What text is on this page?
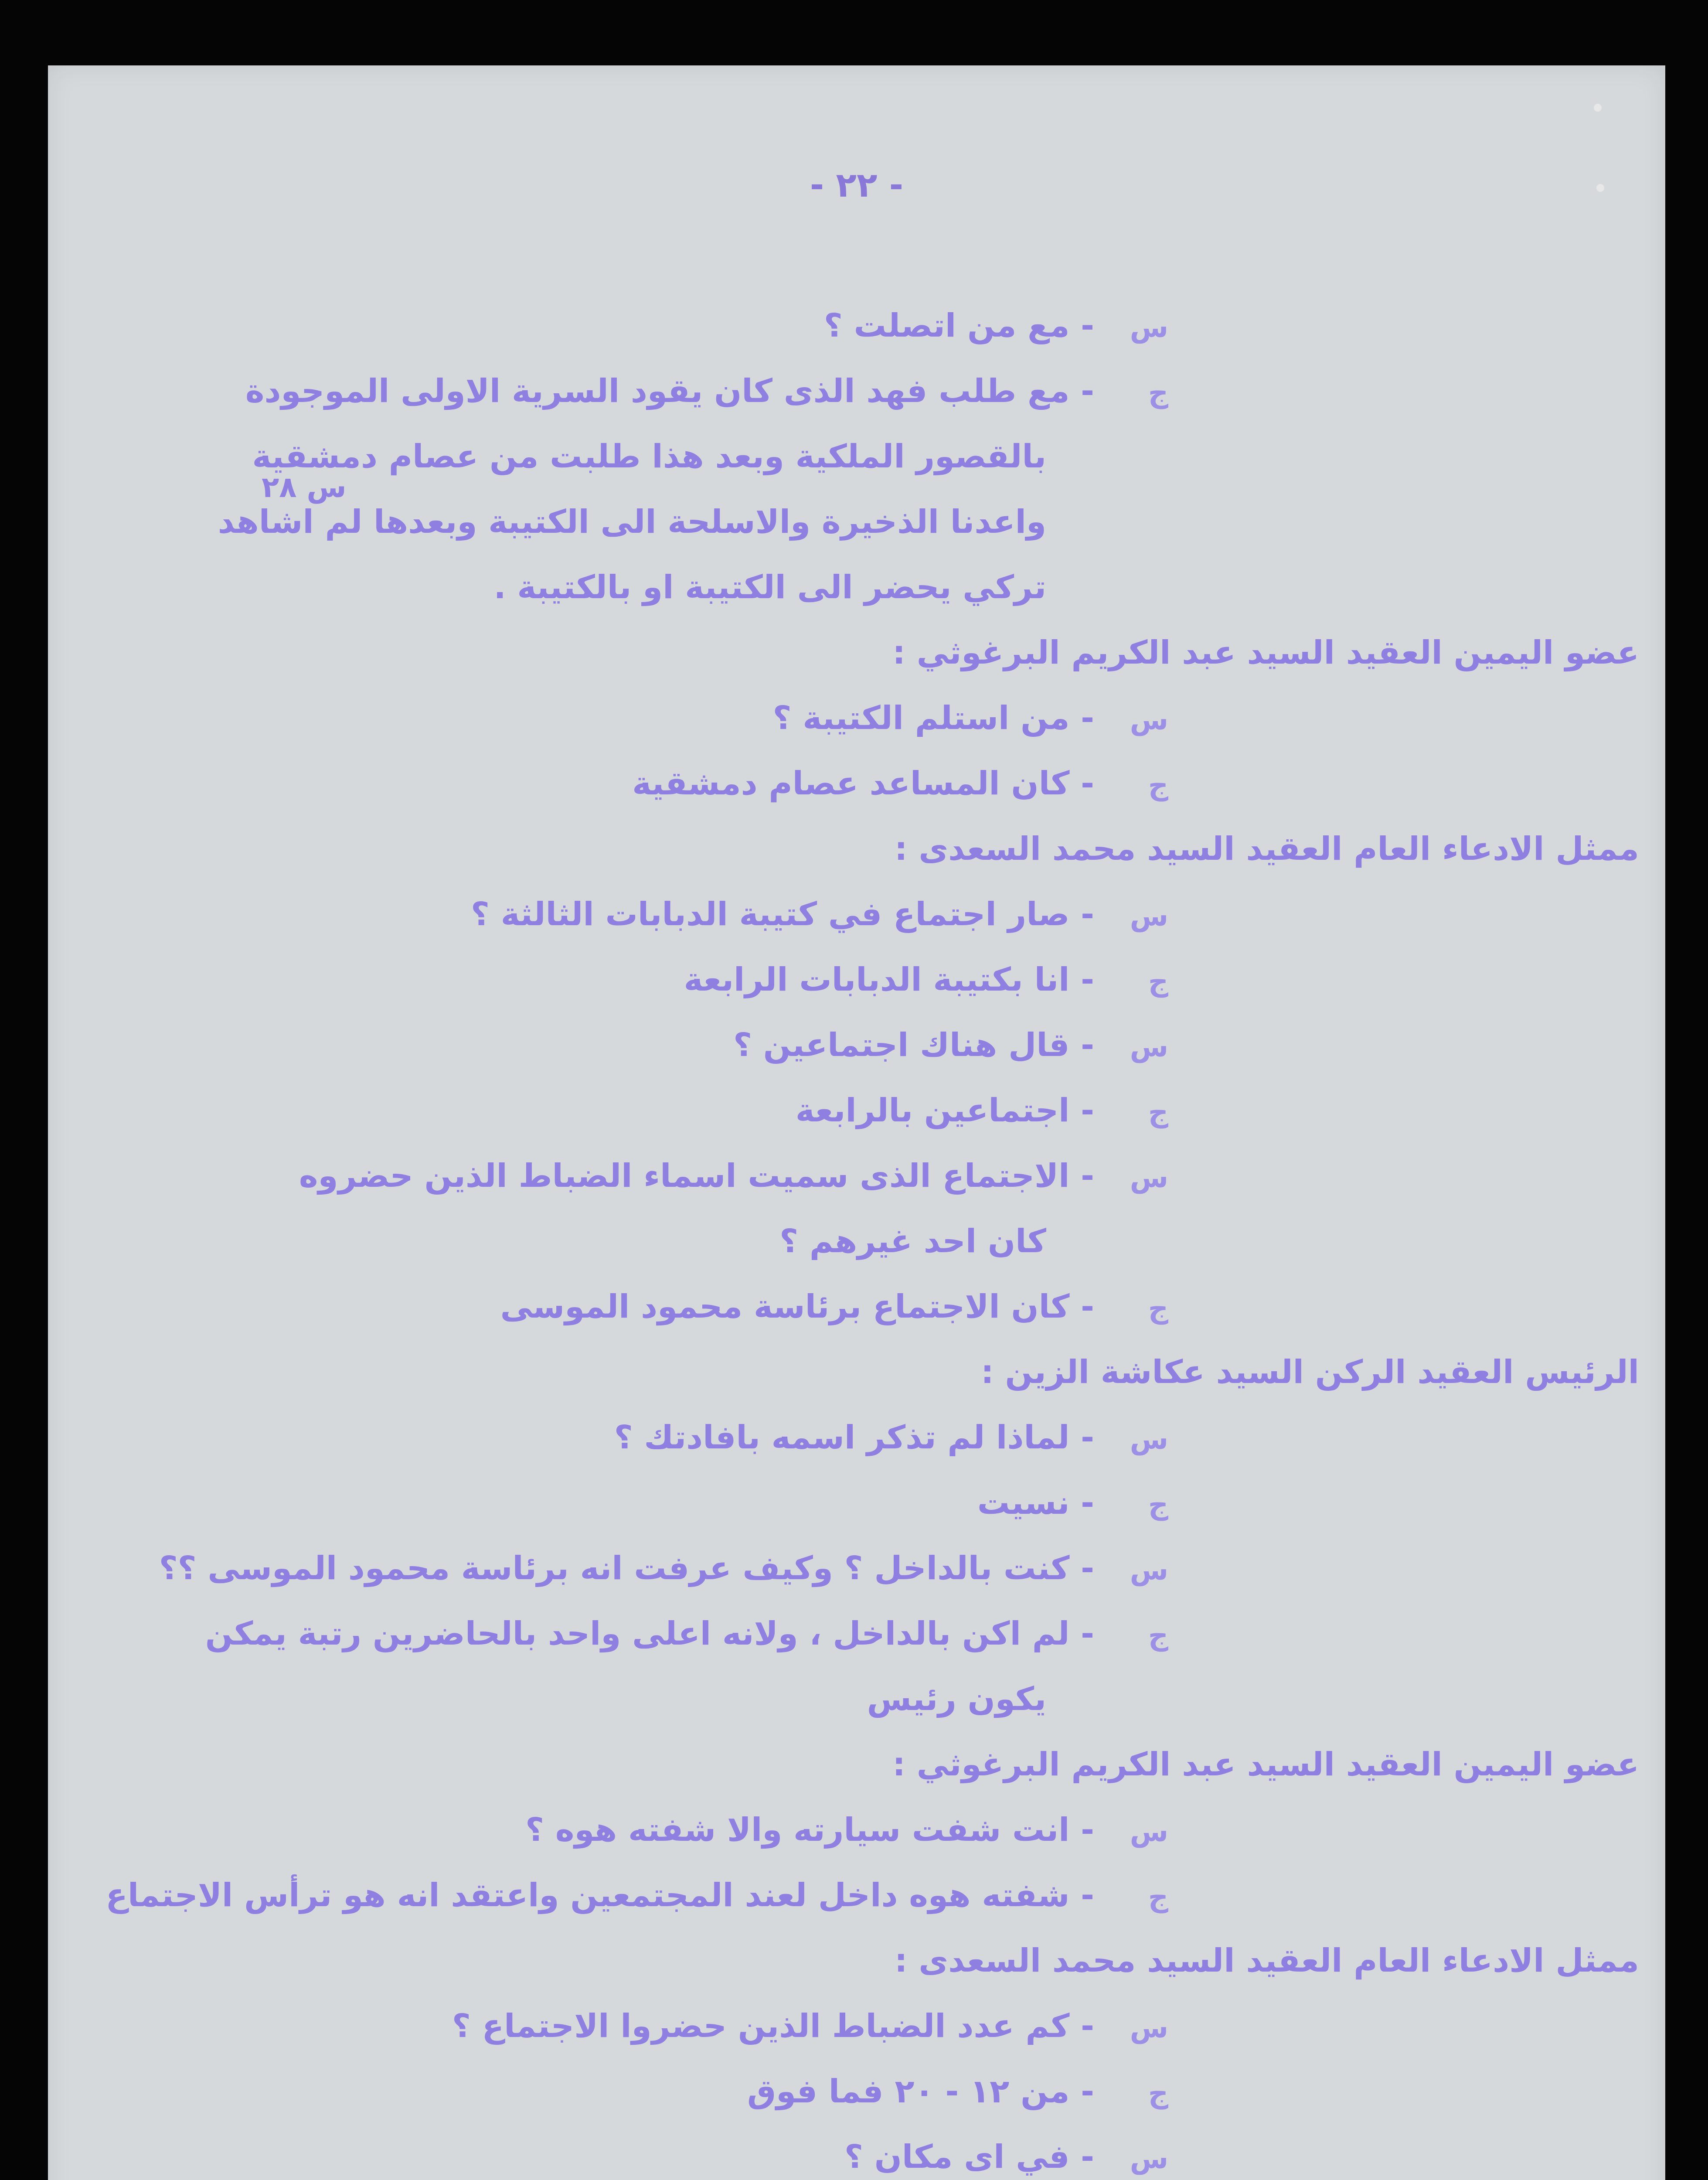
- ٢٢ -
س ٢٨
س
- مع من اتصلت ؟
ج
- مع طلب فهد الذى كان يقود السرية الاولى الموجودة
بالقصور الملكية وبعد هذا طلبت من عصام دمشقية
واعدنا الذخيرة والاسلحة الى الكتيبة وبعدها لم اشاهد
تركي يحضر الى الكتيبة او بالكتيبة .
عضو اليمين العقيد السيد عبد الكريم البرغوثي :
س
- من استلم الكتيبة ؟
ج
- كان المساعد عصام دمشقية
ممثل الادعاء العام العقيد السيد محمد السعدى :
س
- صار اجتماع في كتيبة الدبابات الثالثة ؟
ج
- انا بكتيبة الدبابات الرابعة
س
- قال هناك اجتماعين ؟
ج
- اجتماعين بالرابعة
س
- الاجتماع الذى سميت اسماء الضباط الذين حضروه
كان احد غيرهم ؟
ج
- كان الاجتماع برئاسة محمود الموسى
الرئيس العقيد الركن السيد عكاشة الزين :
س
- لماذا لم تذكر اسمه بافادتك ؟
ج
- نسيت
س
- كنت بالداخل ؟ وكيف عرفت انه برئاسة محمود الموسى ؟؟
ج
- لم اكن بالداخل ، ولانه اعلى واحد بالحاضرين رتبة يمكن
يكون رئيس
عضو اليمين العقيد السيد عبد الكريم البرغوثي :
س
- انت شفت سيارته والا شفته هوه ؟
ج
- شفته هوه داخل لعند المجتمعين واعتقد انه هو ترأس الاجتماع
ممثل الادعاء العام العقيد السيد محمد السعدى :
س
- كم عدد الضباط الذين حضروا الاجتماع ؟
ج
- من ١٢ - ٢٠ فما فوق
س
- في اى مكان ؟
